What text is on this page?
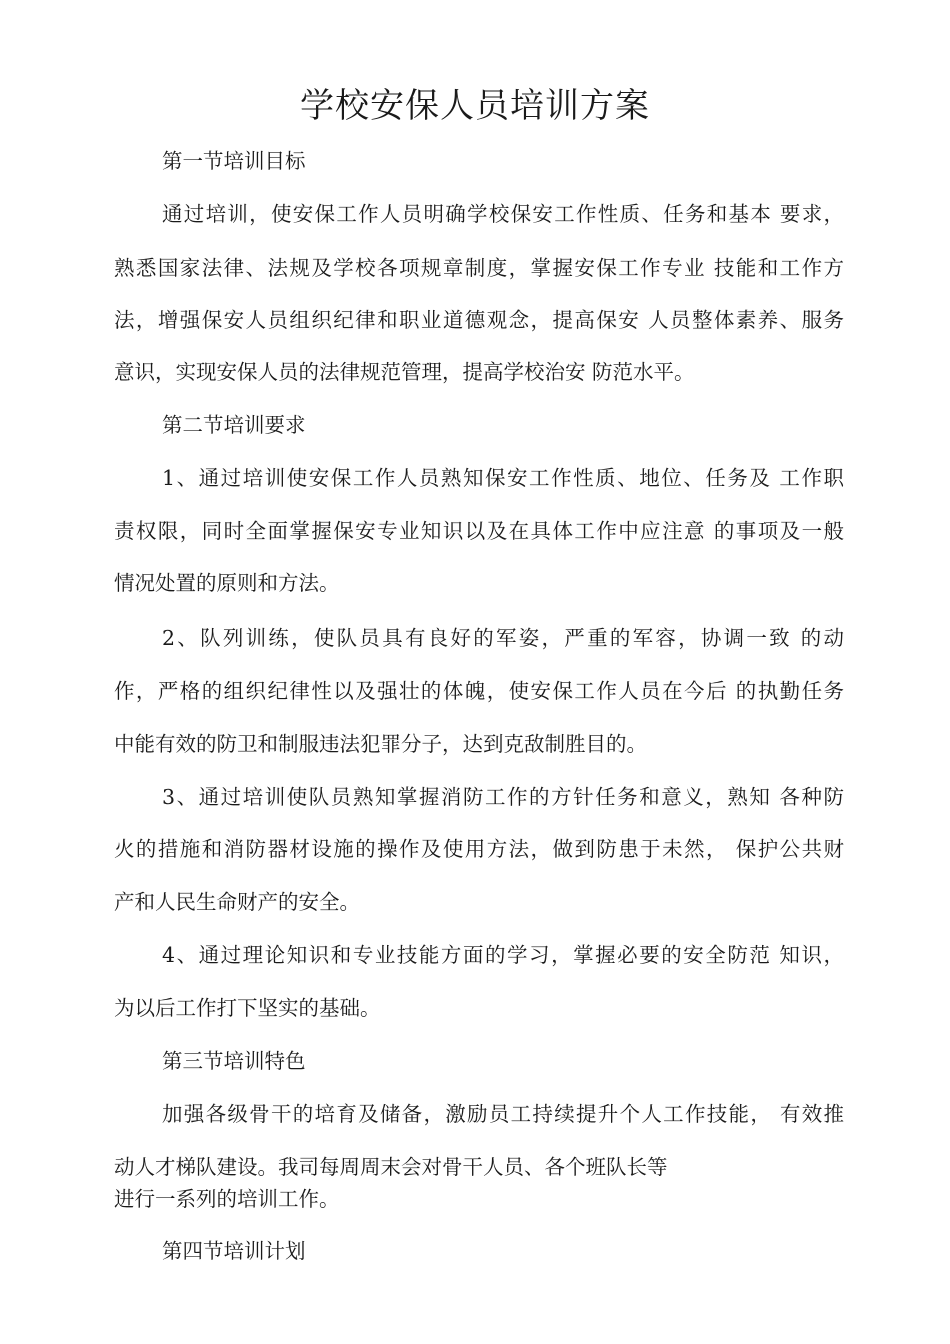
学校安保人员培训方案

第一节培训目标

通过培训，使安保工作人员明确学校保安工作性质、任务和基本 要求，

熟悉国家法律、法规及学校各项规章制度，掌握安保工作专业 技能和工作方

法，增强保安人员组织纪律和职业道德观念，提高保安 人员整体素养、服务

意识，实现安保人员的法律规范管理，提高学校治安 防范水平。

第二节培训要求

1、通过培训使安保工作人员熟知保安工作性质、地位、任务及 工作职

责权限，同时全面掌握保安专业知识以及在具体工作中应注意 的事项及一般

情况处置的原则和方法。

2、队列训练，使队员具有良好的军姿，严重的军容，协调一致 的动

作，严格的组织纪律性以及强壮的体魄，使安保工作人员在今后 的执勤任务

中能有效的防卫和制服违法犯罪分子，达到克敌制胜目的。

3、通过培训使队员熟知掌握消防工作的方针任务和意义，熟知 各种防

火的措施和消防器材设施的操作及使用方法，做到防患于未然， 保护公共财

产和人民生命财产的安全。

4、通过理论知识和专业技能方面的学习，掌握必要的安全防范 知识，

为以后工作打下坚实的基础。

第三节培训特色

加强各级骨干的培育及储备，激励员工持续提升个人工作技能， 有效推

动人才梯队建设。我司每周周末会对骨干人员、各个班队长等

进行一系列的培训工作。

第四节培训计划
